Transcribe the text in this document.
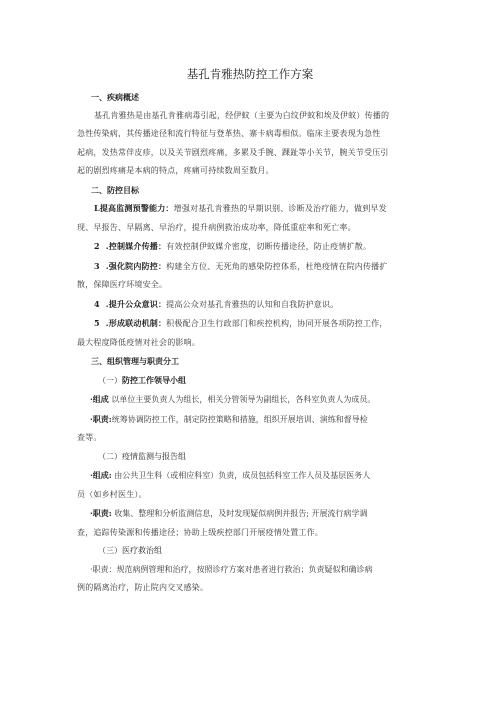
基孔肯雅热防控工作方案
一、疾病概述
基孔肯雅热是由基孔肯雅病毒引起，经伊蚊（主要为白纹伊蚊和埃及伊蚊）传播的
急性传染病，其传播途径和流行特征与登革热、寨卡病毒相似。临床主要表现为急性
起病，发热常伴皮疹，以及关节剧烈疼痛，多累及手腕、踝趾等小关节，腕关节受压引
起的剧烈疼痛是本病的特点，疼痛可持续数周至数月。
二、防控目标
L提高监测预警能力：增强对基孔肯雅热的早期识别、诊断及治疗能力，做到早发
现、早报告、早隔离、早治疗，提升病例救治成功率，降低重症率和死亡率。
2 .控制媒介传播：有效控制伊蚊媒介密度，切断传播途径，防止疫情扩散。
3 .强化院内防控：构建全方位、无死角的感染防控体系，杜绝疫情在院内传播扩
散，保障医疗环境安全。
4 .提升公众意识：提高公众对基孔肯雅热的认知和自我防护意识。
5 .形成联动机制：积极配合卫生行政部门和疾控机构，协同开展各项防控工作，
最大程度降低疫情对社会的影响。
三、组织管理与职责分工
（一）防控工作领导小组
·组成 以单位主要负责人为组长，相关分管领导为副组长，各科室负责人为成员。
·职责:统筹协调防控工作，制定防控策略和措施，组织开展培训、演练和督导检
查等。
（二）疫情监测与报告组
·组成: 由公共卫生科（或相应科室）负责，成员包括科室工作人员及基层医务人
员（如乡村医生）。
·职责: 收集、整理和分析监测信息，及时发现疑似病例并报告; 开展流行病学调
查，追踪传染源和传播途径；协助上级疾控部门开展疫情处置工作。
（三）医疗救治组
·职责：规范病例管理和治疗，按照诊疗方案对患者进行救治；负责疑似和确诊病
例的隔离治疗，防止院内交叉感染。
